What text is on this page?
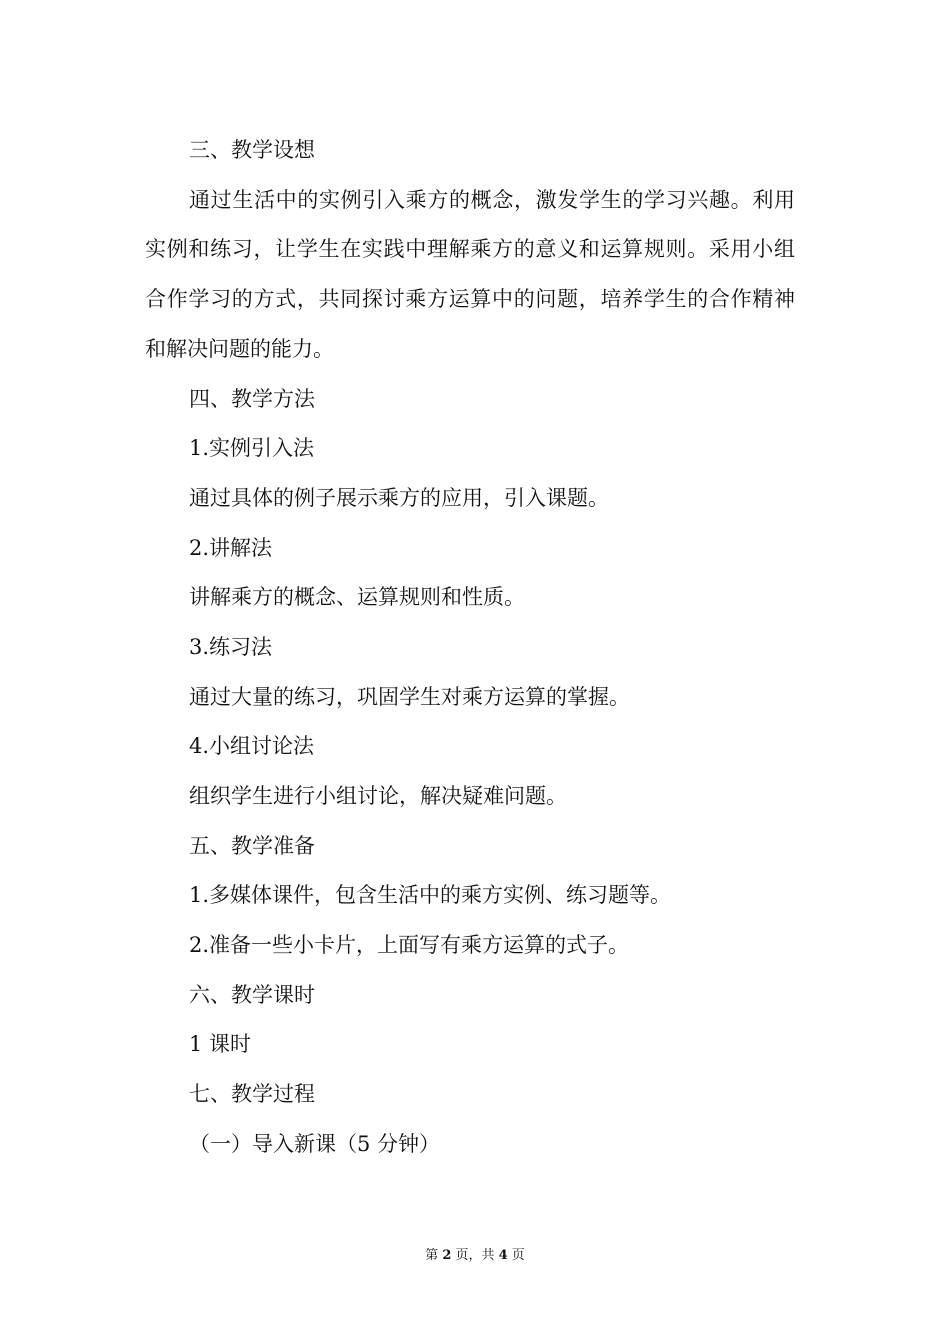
三、教学设想

通过生活中的实例引入乘方的概念，激发学生的学习兴趣。利用实例和练习，让学生在实践中理解乘方的意义和运算规则。采用小组合作学习的方式，共同探讨乘方运算中的问题，培养学生的合作精神和解决问题的能力。

四、教学方法
1.实例引入法
通过具体的例子展示乘方的应用，引入课题。
2.讲解法
讲解乘方的概念、运算规则和性质。
3.练习法
通过大量的练习，巩固学生对乘方运算的掌握。
4.小组讨论法
组织学生进行小组讨论，解决疑难问题。
五、教学准备
1.多媒体课件，包含生活中的乘方实例、练习题等。
2.准备一些小卡片，上面写有乘方运算的式子。
六、教学课时
1 课时
七、教学过程
（一）导入新课（5 分钟）
第 2 页，共 4 页
